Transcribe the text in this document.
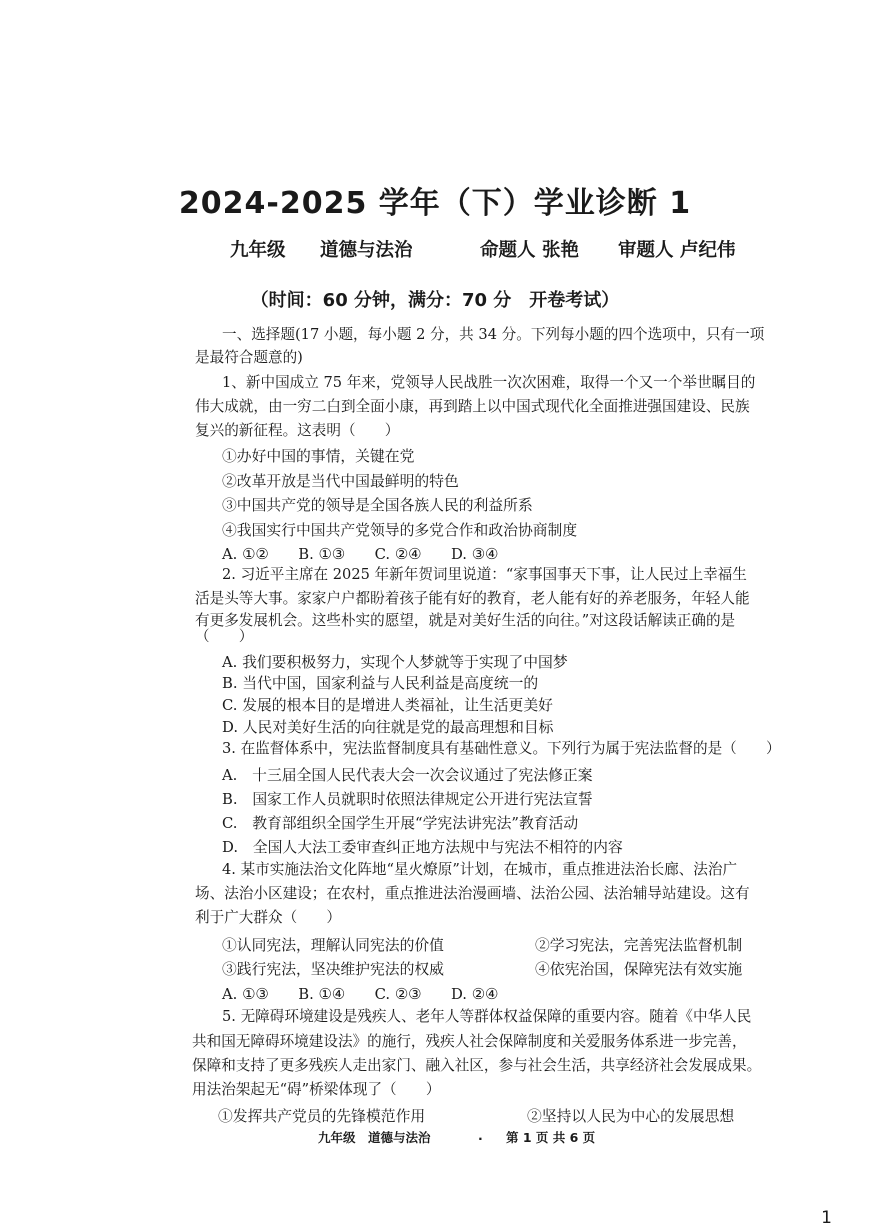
2024-2025 学年（下）学业诊断 1
九年级 道德与法治	命题人 张艳 审题人 卢纪伟
（时间：60 分钟，满分：70 分　开卷考试）
一、选择题(17 小题，每小题 2 分，共 34 分。下列每小题的四个选项中，只有一项
是最符合题意的)
1、新中国成立 75 年来，党领导人民战胜一次次困难，取得一个又一个举世瞩目的
伟大成就，由一穷二白到全面小康，再到踏上以中国式现代化全面推进强国建设、民族
复兴的新征程。这表明（　　）
①办好中国的事情，关键在党
②改革开放是当代中国最鲜明的特色
③中国共产党的领导是全国各族人民的利益所系
④我国实行中国共产党领导的多党合作和政治协商制度
A. ①②　　B. ①③　　C. ②④　　D. ③④
2. 习近平主席在 2025 年新年贺词里说道：“家事国事天下事，让人民过上幸福生
活是头等大事。家家户户都盼着孩子能有好的教育，老人能有好的养老服务，年轻人能
有更多发展机会。这些朴实的愿望，就是对美好生活的向往。”对这段话解读正确的是
（　　）
A. 我们要积极努力，实现个人梦就等于实现了中国梦
B. 当代中国，国家利益与人民利益是高度统一的
C. 发展的根本目的是增进人类福祉，让生活更美好
D. 人民对美好生活的向往就是党的最高理想和目标
3. 在监督体系中，宪法监督制度具有基础性意义。下列行为属于宪法监督的是（　　）
A.　十三届全国人民代表大会一次会议通过了宪法修正案
B.　国家工作人员就职时依照法律规定公开进行宪法宣誓
C.　教育部组织全国学生开展“学宪法讲宪法”教育活动
D.　全国人大法工委审查纠正地方法规中与宪法不相符的内容
4. 某市实施法治文化阵地“星火燎原”计划，在城市，重点推进法治长廊、法治广
场、法治小区建设；在农村，重点推进法治漫画墙、法治公园、法治辅导站建设。这有
利于广大群众（　　）
①认同宪法，理解认同宪法的价值	②学习宪法，完善宪法监督机制
③践行宪法，坚决维护宪法的权威	④依宪治国，保障宪法有效实施
A. ①③　　B. ①④　　C. ②③　　D. ②④
5. 无障碍环境建设是残疾人、老年人等群体权益保障的重要内容。随着《中华人民
共和国无障碍环境建设法》的施行，残疾人社会保障制度和关爱服务体系进一步完善，
保障和支持了更多残疾人走出家门、融入社区，参与社会生活，共享经济社会发展成果。
用法治架起无“碍”桥梁体现了（　　）
①发挥共产党员的先锋模范作用	②坚持以人民为中心的发展思想
九年级　道德与法治	. 第 1 页 共 6 页
1
